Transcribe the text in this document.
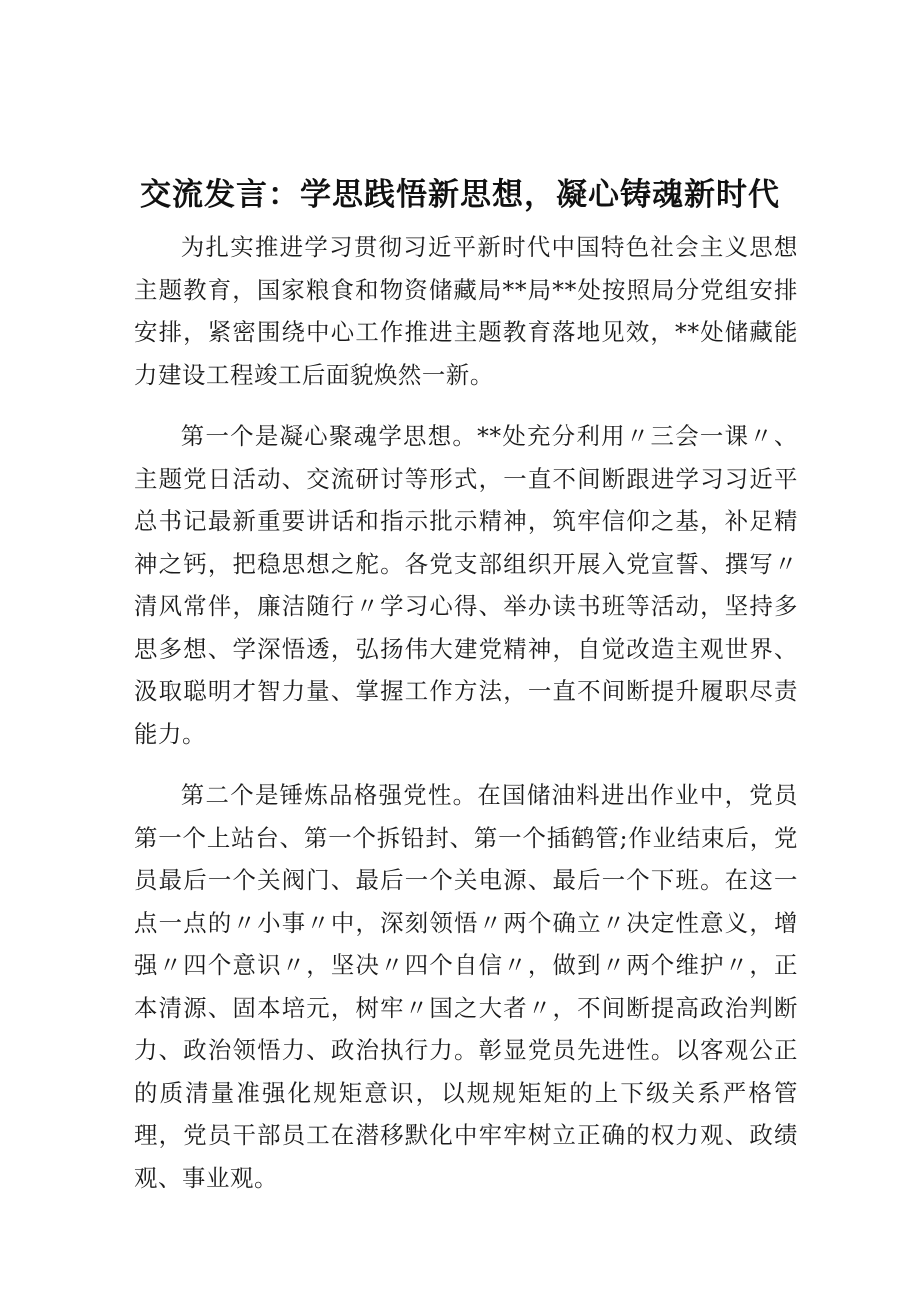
交流发言：学思践悟新思想，凝心铸魂新时代

为扎实推进学习贯彻习近平新时代中国特色社会主义思想主题教育，国家粮食和物资储藏局**局**处按照局分党组安排安排，紧密围绕中心工作推进主题教育落地见效，**处储藏能力建设工程竣工后面貌焕然一新。

第一个是凝心聚魂学思想。**处充分利用〃三会一课〃、主题党日活动、交流研讨等形式，一直不间断跟进学习习近平总书记最新重要讲话和指示批示精神，筑牢信仰之基，补足精神之钙，把稳思想之舵。各党支部组织开展入党宣誓、撰写〃清风常伴，廉洁随行〃学习心得、举办读书班等活动，坚持多思多想、学深悟透，弘扬伟大建党精神，自觉改造主观世界、汲取聪明才智力量、掌握工作方法，一直不间断提升履职尽责能力。

第二个是锤炼品格强党性。在国储油料进出作业中，党员第一个上站台、第一个拆铅封、第一个插鹤管;作业结束后，党员最后一个关阀门、最后一个关电源、最后一个下班。在这一点一点的〃小事〃中，深刻领悟〃两个确立〃决定性意义，增强〃四个意识〃，坚决〃四个自信〃，做到〃两个维护〃，正本清源、固本培元，树牢〃国之大者〃，不间断提高政治判断力、政治领悟力、政治执行力。彰显党员先进性。以客观公正的质清量准强化规矩意识，以规规矩矩的上下级关系严格管理，党员干部员工在潜移默化中牢牢树立正确的权力观、政绩观、事业观。
